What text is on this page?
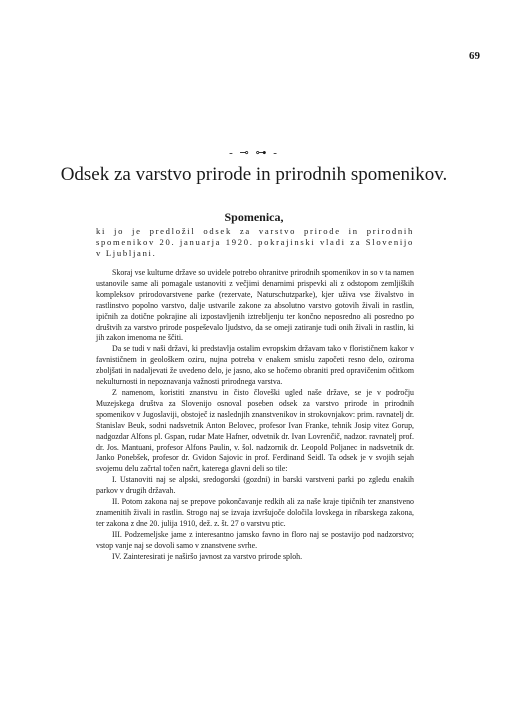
69
- ⊸ ⊶ ‐
Odsek za varstvo prirode in prirodnih spomenikov.
Spomenica,
ki jo je predložil odsek za varstvo prirode in prirodnih spomenikov 20. januarja 1920. pokrajinski vladi za Slovenijo v Ljubljani.

Skoraj vse kulturne države so uvidele potrebo ohranitve prirodnih spomenikov in so v ta namen ustanovile same ali pomagale ustanoviti z večjimi denarnimi prispevki ali z odstopom zemljiških kompleksov prirodovarstvene parke (rezervate, Naturschutzparke), kjer uživa vse živalstvo in rastlinstvo popolno varstvo, dalje ustvarile zakone za absolutno varstvo gotovih živali in rastlin, ipičnih za dotične pokrajine ali izpostavljenih iztrebljenju ter končno neposredno ali posredno po društvih za varstvo prirode pospeševalo ljudstvo, da se omeji zatiranje tudi onih živali in rastlin, ki jih zakon imenoma ne ščiti.

Da se tudi v naši državi, ki predstavlja ostalim evropskim državam tako v florističnem kakor v favnističnem in geološkem oziru, nujna potreba v enakem smislu započeti resno delo, oziroma zboljšati in nadaljevati že uvedeno delo, je jasno, ako se hočemo obraniti pred opravičenim očitkom nekulturnosti in nepoznavanja važnosti prirodnega varstva.

Z namenom, koristiti znanstvu in čisto človeški ugled naše države, se je v področju Muzejskega društva za Slovenijo osnoval poseben odsek za varstvo prirode in prirodnih spomenikov v Jugoslaviji, obstoječ iz naslednjih znanstvenikov in strokovnjakov: prim. ravnatelj dr. Stanislav Beuk, sodni nadsvetnik Anton Belovec, profesor Ivan Franke, tehnik Josip vitez Gorup, nadgozdar Alfons pl. Gspan, rudar Mate Hafner, odvetnik dr. Ivan Lovrenčič, nadzor. ravnatelj prof. dr. Jos. Mantuani, profesor Alfons Paulin, v. šol. nadzornik dr. Leopold Poljanec in nadsvetnik dr. Janko Ponebšek, profesor dr. Gvidon Sajovic in prof. Ferdinand Seidl. Ta odsek je v svojih sejah svojemu delu začrtal točen načrt, katerega glavni deli so tile:

I. Ustanoviti naj se alpski, sredogorski (gozdni) in barski varstveni parki po zgledu enakih parkov v drugih državah.

II. Potom zakona naj se prepove pokončavanje redkih ali za naše kraje tipičnih ter znanstveno znamenitih živali in rastlin. Strogo naj se izvaja izvršujoče določila lovskega in ribarskega zakona, ter zakona z dne 20. julija 1910, dež. z. št. 27 o varstvu ptic.

III. Podzemeljske jame z interesantno jamsko favno in floro naj se postavijo pod nadzorstvo; vstop vanje naj se dovoli samo v znanstvene svrhe.

IV. Zainteresirati je naširšo javnost za varstvo prirode sploh.
